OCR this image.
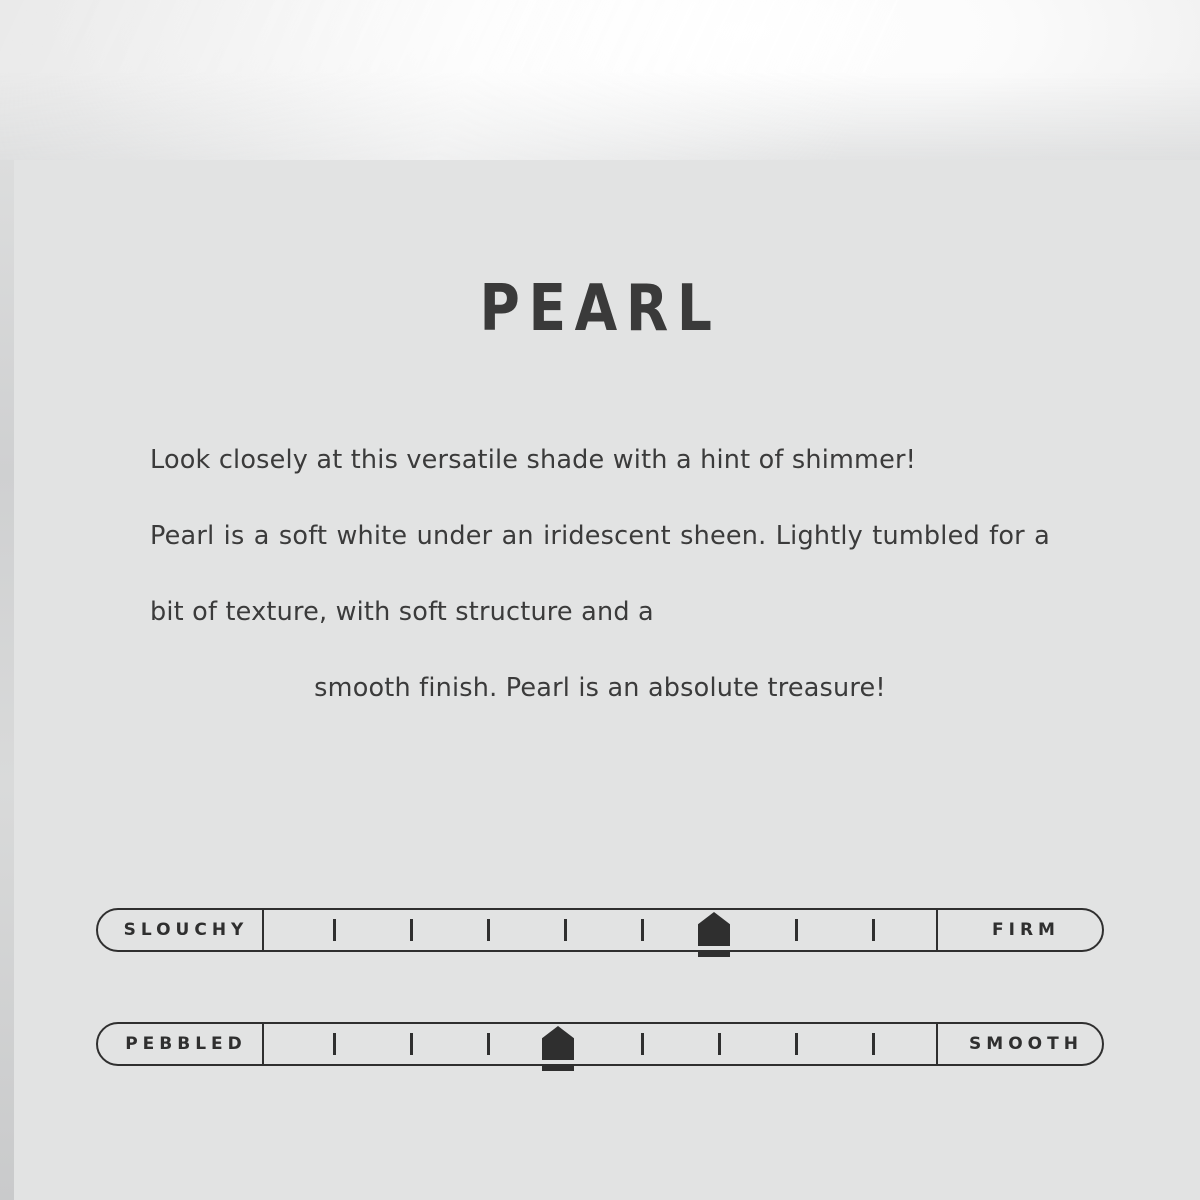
PEARL

Look closely at this versatile shade with a hint of shimmer!

Pearl is a soft white under an iridescent sheen. Lightly tumbled for a bit of texture, with soft structure and a

smooth finish. Pearl is an absolute treasure!

SLOUCHY	FIRM
PEBBLED	SMOOTH
